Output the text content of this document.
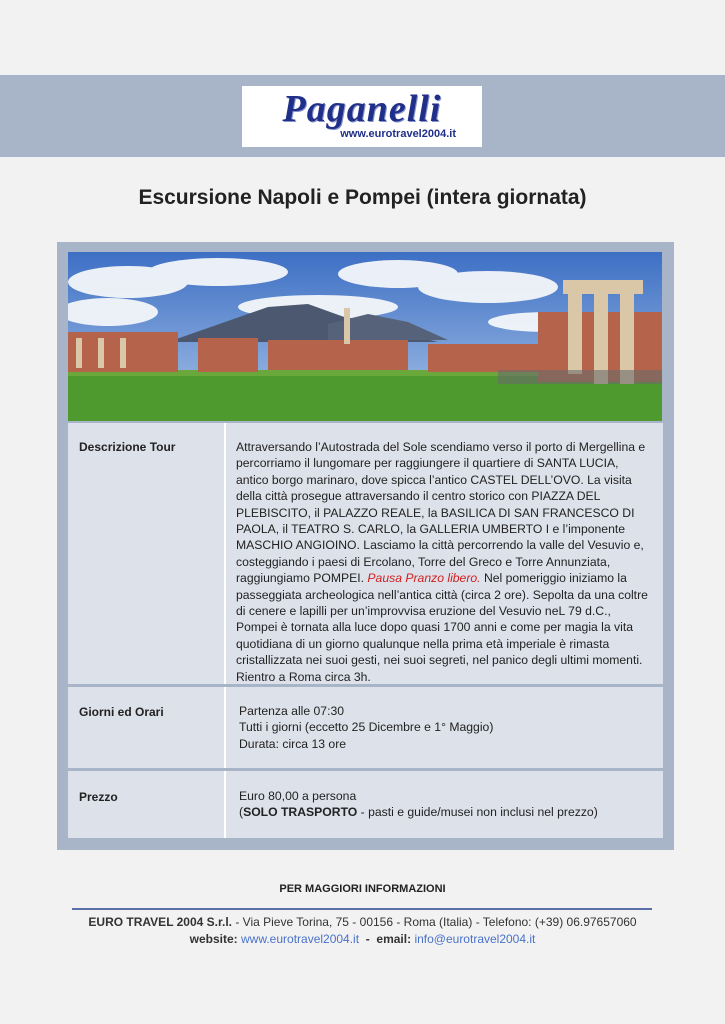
Paganelli
www.eurotravel2004.it
Escursione Napoli e Pompei (intera giornata)
Descrizione Tour	Attraversando l’Autostrada del Sole scendiamo verso il porto di Mergellina e percorriamo il lungomare per raggiungere il quartiere di SANTA LUCIA, antico borgo marinaro, dove spicca l’antico CASTEL DELL’OVO. La visita della città prosegue attraversando il centro storico con PIAZZA DEL PLEBISCITO, il PALAZZO REALE, la BASILICA DI SAN FRANCESCO DI PAOLA, il TEATRO S. CARLO, la GALLERIA UMBERTO I e l’imponente MASCHIO ANGIOINO. Lasciamo la città percorrendo la valle del Vesuvio e, costeggiando i paesi di Ercolano, Torre del Greco e Torre Annunziata, raggiungiamo POMPEI. Pausa Pranzo libero. Nel pomeriggio iniziamo la passeggiata archeologica nell’antica città (circa 2 ore). Sepolta da una coltre di cenere e lapilli per un’improvvisa eruzione del Vesuvio neL 79 d.C., Pompei è tornata alla luce dopo quasi 1700 anni e come per magia la vita quotidiana di un giorno qualunque nella prima età imperiale è rimasta cristallizzata nei suoi gesti, nei suoi segreti, nel panico degli ultimi momenti. Rientro a Roma circa 3h.
Giorni ed Orari	Partenza alle 07:30
Tutti i giorni (eccetto 25 Dicembre e 1° Maggio)
Durata: circa 13 ore
Prezzo	Euro 80,00 a persona
(SOLO TRASPORTO - pasti e guide/musei non inclusi nel prezzo)
PER MAGGIORI INFORMAZIONI
EURO TRAVEL 2004 S.r.l. - Via Pieve Torina, 75 - 00156 - Roma (Italia) - Telefono: (+39) 06.97657060
website: www.eurotravel2004.it  -  email: info@eurotravel2004.it
